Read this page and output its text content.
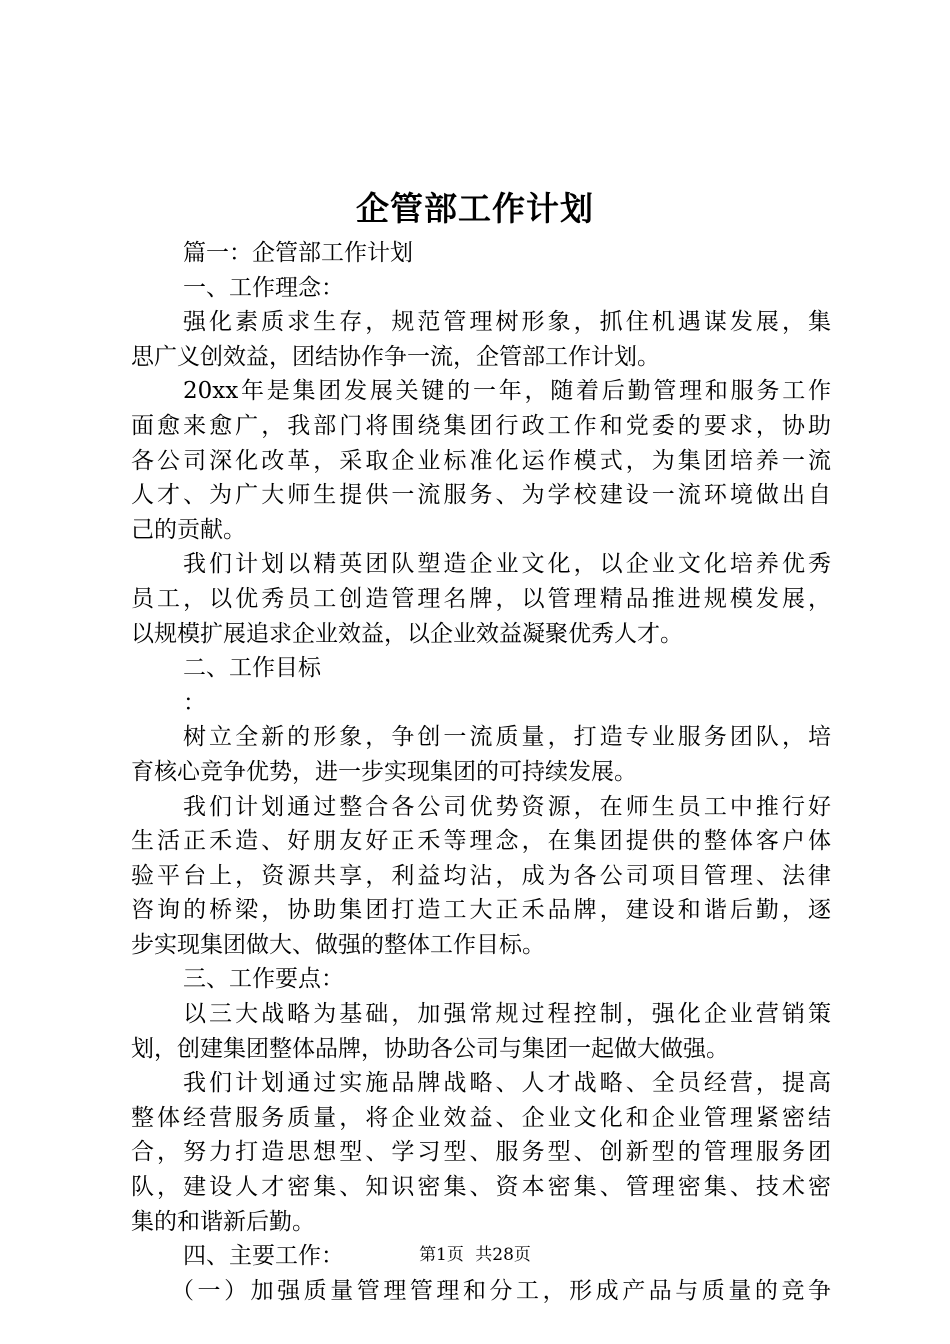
企管部工作计划
篇一：企管部工作计划
一、工作理念：
强化素质求生存，规范管理树形象，抓住机遇谋发展，集
思广义创效益，团结协作争一流，企管部工作计划。
20xx年是集团发展关键的一年，随着后勤管理和服务工作
面愈来愈广，我部门将围绕集团行政工作和党委的要求，协助
各公司深化改革，采取企业标准化运作模式，为集团培养一流
人才、为广大师生提供一流服务、为学校建设一流环境做出自
己的贡献。
我们计划以精英团队塑造企业文化，以企业文化培养优秀
员工，以优秀员工创造管理名牌，以管理精品推进规模发展，
以规模扩展追求企业效益，以企业效益凝聚优秀人才。
二、工作目标
：
树立全新的形象，争创一流质量，打造专业服务团队，培
育核心竞争优势，进一步实现集团的可持续发展。
我们计划通过整合各公司优势资源，在师生员工中推行好
生活正禾造、好朋友好正禾等理念，在集团提供的整体客户体
验平台上，资源共享，利益均沾，成为各公司项目管理、法律
咨询的桥梁，协助集团打造工大正禾品牌，建设和谐后勤，逐
步实现集团做大、做强的整体工作目标。
三、工作要点：
以三大战略为基础，加强常规过程控制，强化企业营销策
划，创建集团整体品牌，协助各公司与集团一起做大做强。
我们计划通过实施品牌战略、人才战略、全员经营，提高
整体经营服务质量，将企业效益、企业文化和企业管理紧密结
合，努力打造思想型、学习型、服务型、创新型的管理服务团
队，建设人才密集、知识密集、资本密集、管理密集、技术密
集的和谐新后勤。
四、主要工作：
（一）加强质量管理管理和分工，形成产品与质量的竞争
第1页 共28页
